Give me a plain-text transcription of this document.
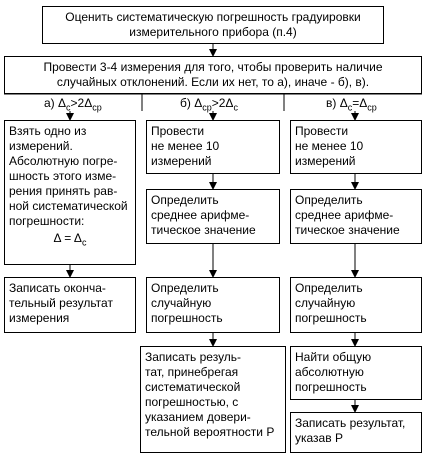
Оценить систематическую погрешность градуировки
измерительного прибора (п.4)
Провести 3-4 измерения для того, чтобы проверить наличие
случайных отклонений. Если их нет, то а), иначе - б), в).
а) $\Delta_c>2\Delta_{ср}$	б) $\Delta_{ср}>2\Delta_c$	в) $\Delta_c=\Delta_{ср}$
Взять одно из
измерений.
Абсолютную погре-
шность этого изме-
рения принять рав-
ной систематической
погрешности:
$\Delta = \Delta_c$
Записать оконча-
тельный результат
измерения
Провести
не менее 10
измерений
Определить
среднее арифме-
тическое значение
Определить
случайную
погрешность
Записать резуль-
тат, принебрегая
систематической
погрешностью, с
указанием довери-
тельной вероятности Р
Провести
не менее 10
измерений
Определить
среднее арифме-
тическое значение
Определить
случайную
погрешность
Найти общую
абсолютную
погрешность
Записать результат,
указав Р
